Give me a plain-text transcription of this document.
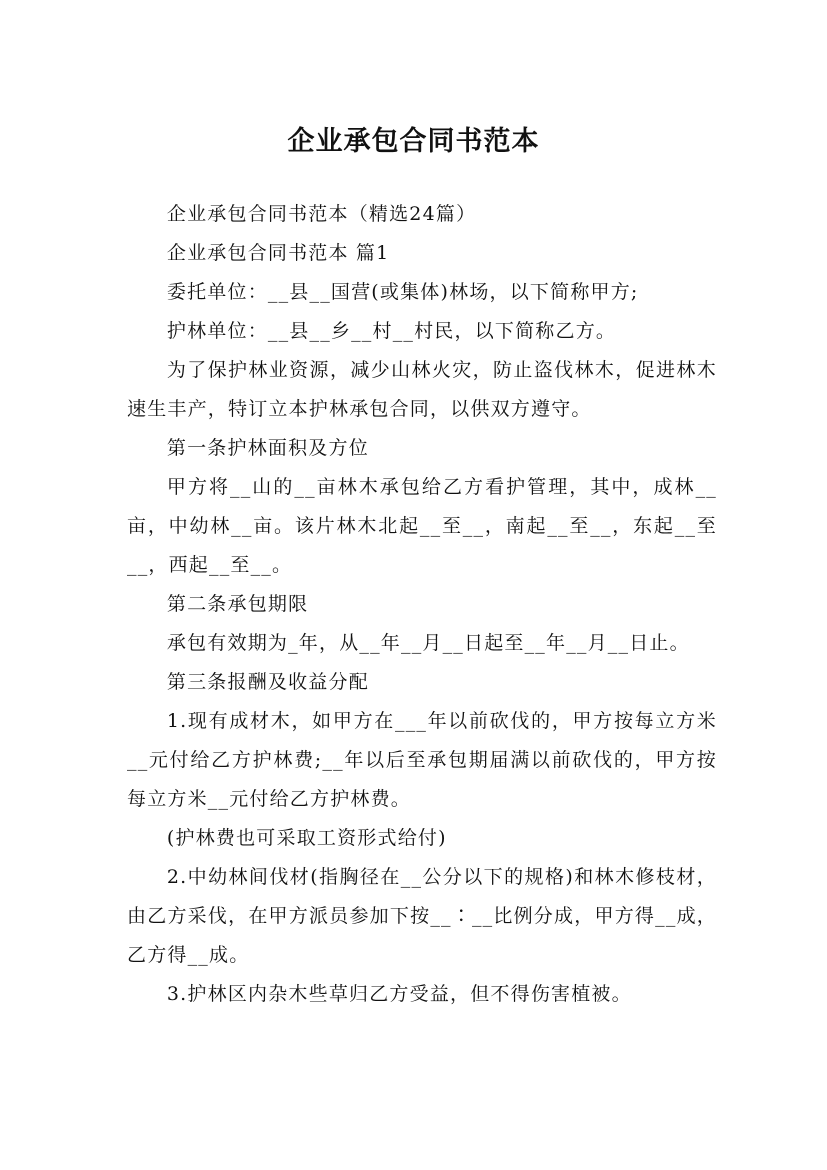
企业承包合同书范本

企业承包合同书范本（精选24篇）

企业承包合同书范本 篇1

委托单位：__县__国营(或集体)林场，以下简称甲方;

护林单位：__县__乡__村__村民，以下简称乙方。

为了保护林业资源，减少山林火灾，防止盗伐林木，促进林木速生丰产，特订立本护林承包合同，以供双方遵守。

第一条护林面积及方位

甲方将__山的__亩林木承包给乙方看护管理，其中，成林__亩，中幼林__亩。该片林木北起__至__，南起__至__，东起__至__，西起__至__。

第二条承包期限

承包有效期为_年，从__年__月__日起至__年__月__日止。

第三条报酬及收益分配

1.现有成材木，如甲方在___年以前砍伐的，甲方按每立方米__元付给乙方护林费;__年以后至承包期届满以前砍伐的，甲方按每立方米__元付给乙方护林费。

(护林费也可采取工资形式给付)

2.中幼林间伐材(指胸径在__公分以下的规格)和林木修枝材，由乙方采伐，在甲方派员参加下按__∶__比例分成，甲方得__成，乙方得__成。

3.护林区内杂木些草归乙方受益，但不得伤害植被。
